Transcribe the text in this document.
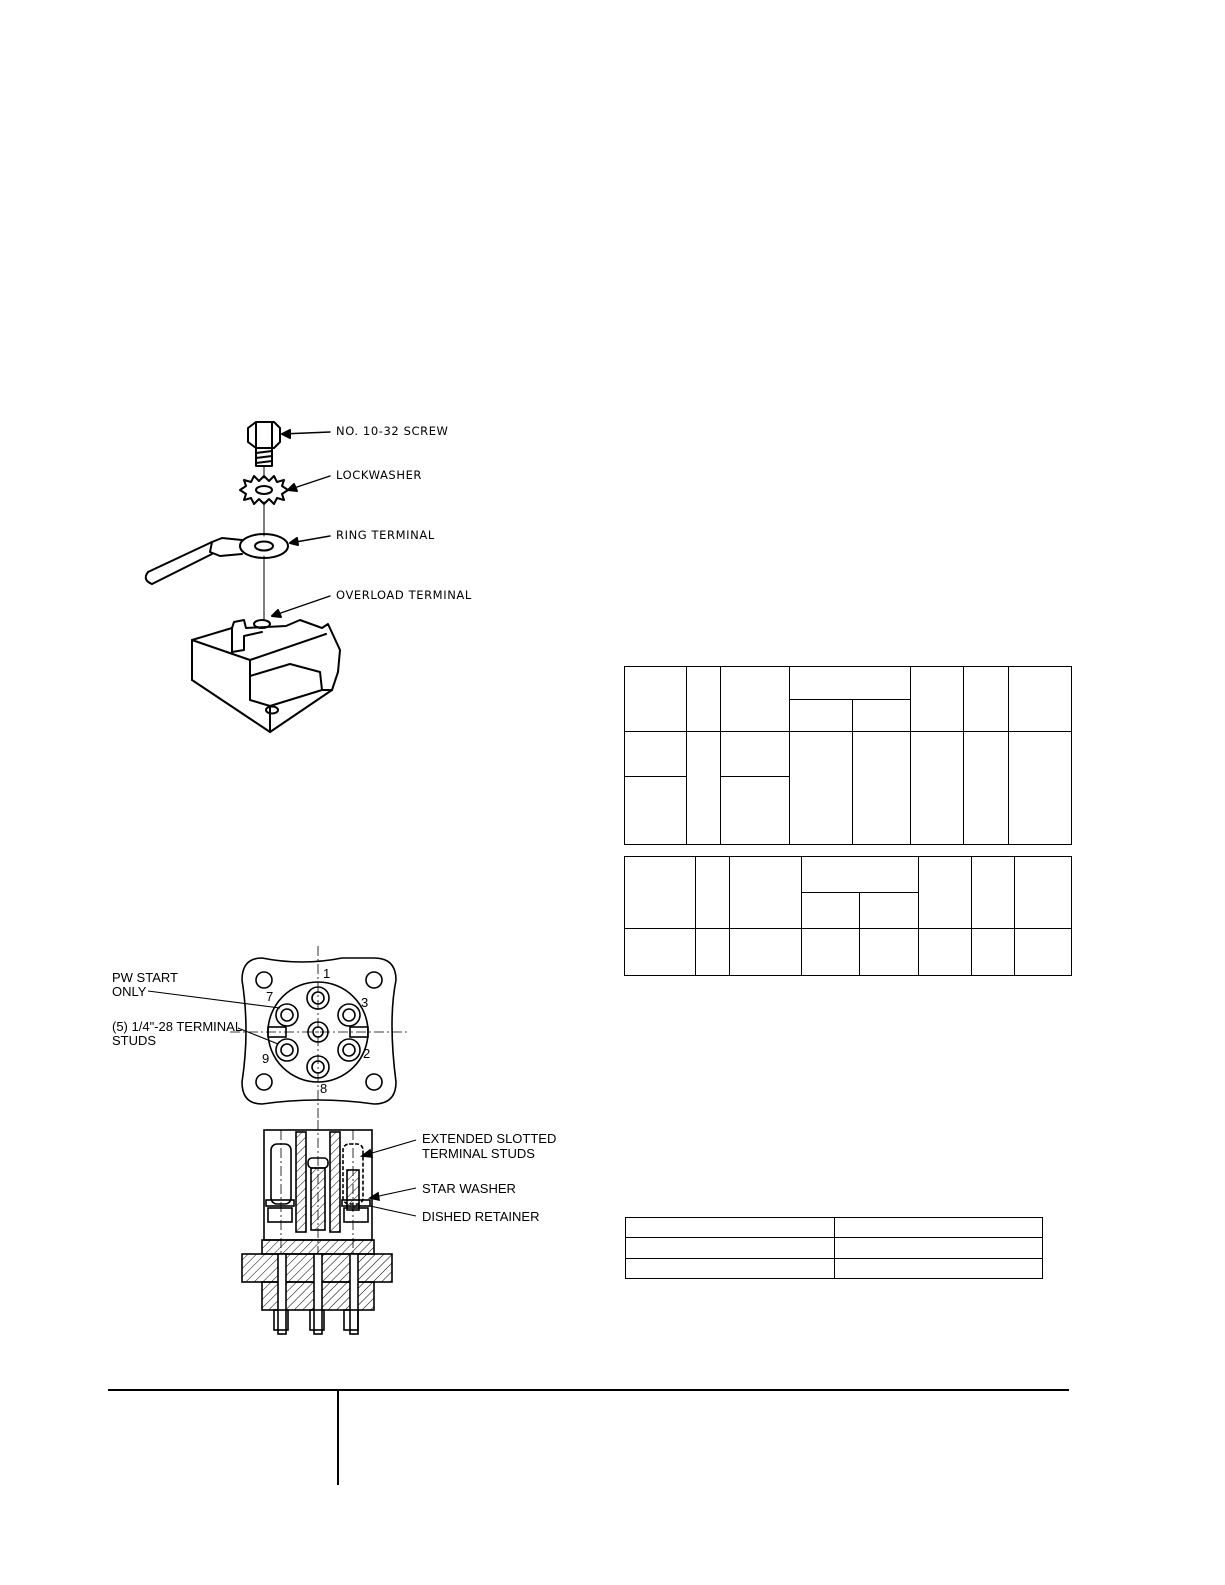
NO. 10-32 SCREW
LOCKWASHER
RING TERMINAL
OVERLOAD TERMINAL
1
3
7
9	2
8
PW START
ONLY
(5) 1/4"-28 TERMINAL
STUDS
EXTENDED SLOTTED
TERMINAL STUDS
STAR WASHER
DISHED RETAINER
